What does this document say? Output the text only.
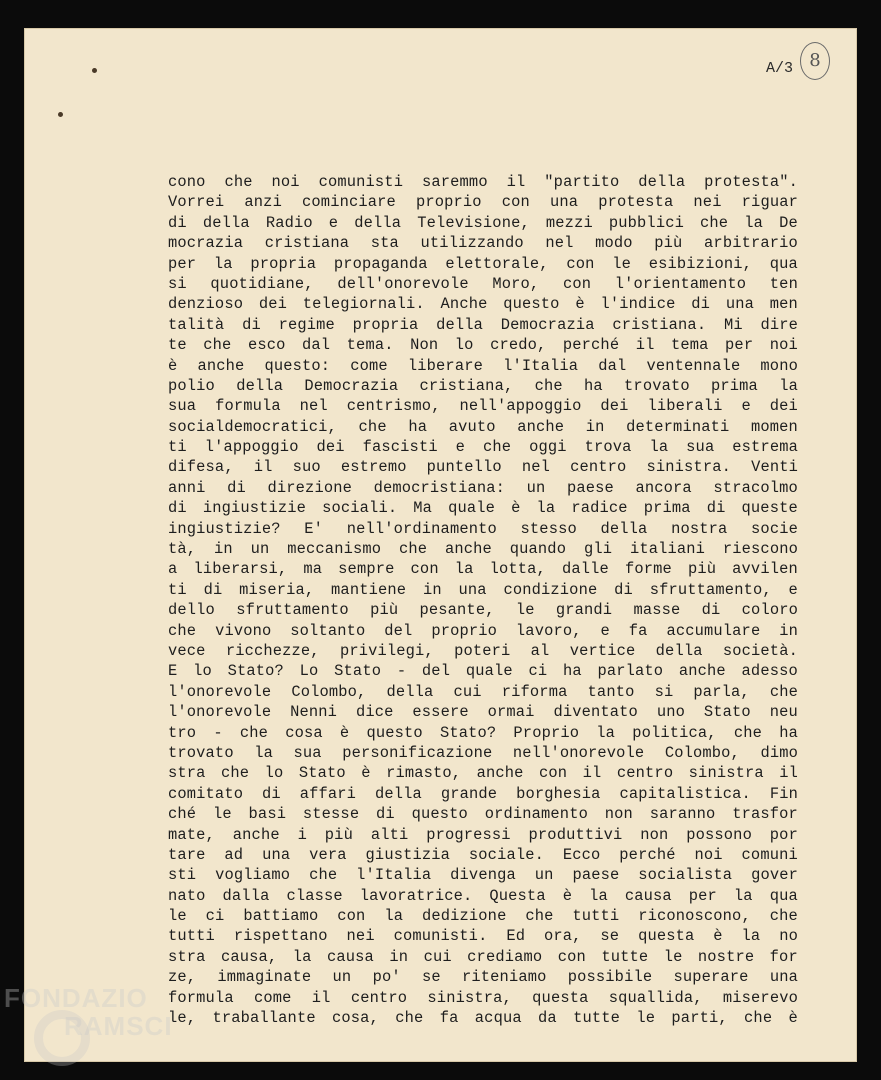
A/3 8
cono che noi comunisti saremmo il "partito della protesta".
Vorrei anzi cominciare proprio con una protesta nei riguar
di della Radio e della Televisione, mezzi pubblici che la De
mocrazia cristiana sta utilizzando nel modo più arbitrario
per la propria propaganda elettorale, con le esibizioni, qua
si quotidiane, dell'onorevole Moro, con l'orientamento ten
denzioso dei telegiornali. Anche questo è l'indice di una men
talità di regime propria della Democrazia cristiana. Mi dire
te che esco dal tema. Non lo credo, perché il tema per noi
è anche questo: come liberare l'Italia dal ventennale mono
polio della Democrazia cristiana, che ha trovato prima la
sua formula nel centrismo, nell'appoggio dei liberali e dei
socialdemocratici, che ha avuto anche in determinati momen
ti l'appoggio dei fascisti e che oggi trova la sua estrema
difesa, il suo estremo puntello nel centro sinistra. Venti
anni di direzione democristiana: un paese ancora stracolmo
di ingiustizie sociali. Ma quale è la radice prima di queste
ingiustizie? E' nell'ordinamento stesso della nostra socie
tà, in un meccanismo che anche quando gli italiani riescono
a liberarsi, ma sempre con la lotta, dalle forme più avvilen
ti di miseria, mantiene in una condizione di sfruttamento, e
dello sfruttamento più pesante, le grandi masse di coloro
che vivono soltanto del proprio lavoro, e fa accumulare in
vece ricchezze, privilegi, poteri al vertice della società.
E lo Stato? Lo Stato - del quale ci ha parlato anche adesso
l'onorevole Colombo, della cui riforma tanto si parla, che
l'onorevole Nenni dice essere ormai diventato uno Stato neu
tro - che cosa è questo Stato? Proprio la politica, che ha
trovato la sua personificazione nell'onorevole Colombo, dimo
stra che lo Stato è rimasto, anche con il centro sinistra il
comitato di affari della grande borghesia capitalistica. Fin
ché le basi stesse di questo ordinamento non saranno trasfor
mate, anche i più alti progressi produttivi non possono por
tare ad una vera giustizia sociale. Ecco perché noi comuni
sti vogliamo che l'Italia divenga un paese socialista gover
nato dalla classe lavoratrice. Questa è la causa per la qua
le ci battiamo con la dedizione che tutti riconoscono, che
tutti rispettano nei comunisti. Ed ora, se questa è la no
stra causa, la causa in cui crediamo con tutte le nostre for
ze, immaginate un po' se riteniamo possibile superare una
formula come il centro sinistra, questa squallida, miserevo
le, traballante cosa, che fa acqua da tutte le parti, che è
FONDAZIO
RAMSCI
